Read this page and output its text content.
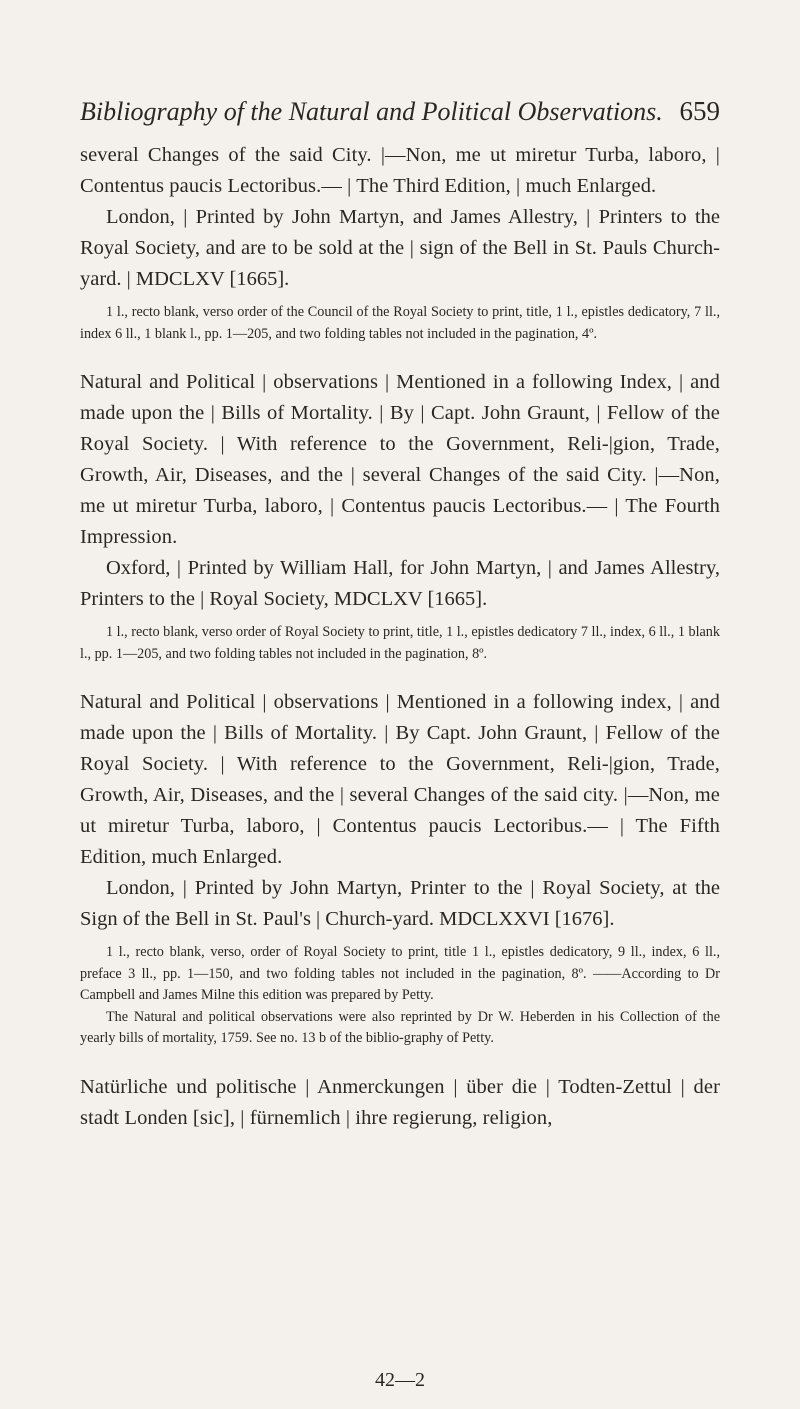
Bibliography of the Natural and Political Observations. 659

several Changes of the said City. |—Non, me ut miretur Turba, laboro, | Contentus paucis Lectoribus.— | The Third Edition, | much Enlarged.

London, | Printed by John Martyn, and James Allestry, | Printers to the Royal Society, and are to be sold at the | sign of the Bell in St. Pauls Church-yard. | MDCLXV [1665].

1 l., recto blank, verso order of the Council of the Royal Society to print, title, 1 l., epistles dedicatory, 7 ll., index 6 ll., 1 blank l., pp. 1—205, and two folding tables not included in the pagination, 4º.

Natural and Political | observations | Mentioned in a following Index, | and made upon the | Bills of Mortality. | By | Capt. John Graunt, | Fellow of the Royal Society. | With reference to the Government, Reli-|gion, Trade, Growth, Air, Diseases, and the | several Changes of the said City. |—Non, me ut miretur Turba, laboro, | Contentus paucis Lectoribus.— | The Fourth Impression.

Oxford, | Printed by William Hall, for John Martyn, | and James Allestry, Printers to the | Royal Society, MDCLXV [1665].

1 l., recto blank, verso order of Royal Society to print, title, 1 l., epistles dedicatory 7 ll., index, 6 ll., 1 blank l., pp. 1—205, and two folding tables not included in the pagination, 8º.

Natural and Political | observations | Mentioned in a following index, | and made upon the | Bills of Mortality. | By Capt. John Graunt, | Fellow of the Royal Society. | With reference to the Government, Reli-|gion, Trade, Growth, Air, Diseases, and the | several Changes of the said city. |—Non, me ut miretur Turba, laboro, | Contentus paucis Lectoribus.— | The Fifth Edition, much Enlarged.

London, | Printed by John Martyn, Printer to the | Royal Society, at the Sign of the Bell in St. Paul's | Church-yard. MDCLXXVI [1676].

1 l., recto blank, verso, order of Royal Society to print, title 1 l., epistles dedicatory, 9 ll., index, 6 ll., preface 3 ll., pp. 1—150, and two folding tables not included in the pagination, 8º. ——According to Dr Campbell and James Milne this edition was prepared by Petty.

The Natural and political observations were also reprinted by Dr W. Heberden in his Collection of the yearly bills of mortality, 1759. See no. 13 b of the biblio-graphy of Petty.

Natürliche und politische | Anmerckungen | über die | Todten-Zettul | der stadt Londen [sic], | fürnemlich | ihre regierung, religion,

42—2
